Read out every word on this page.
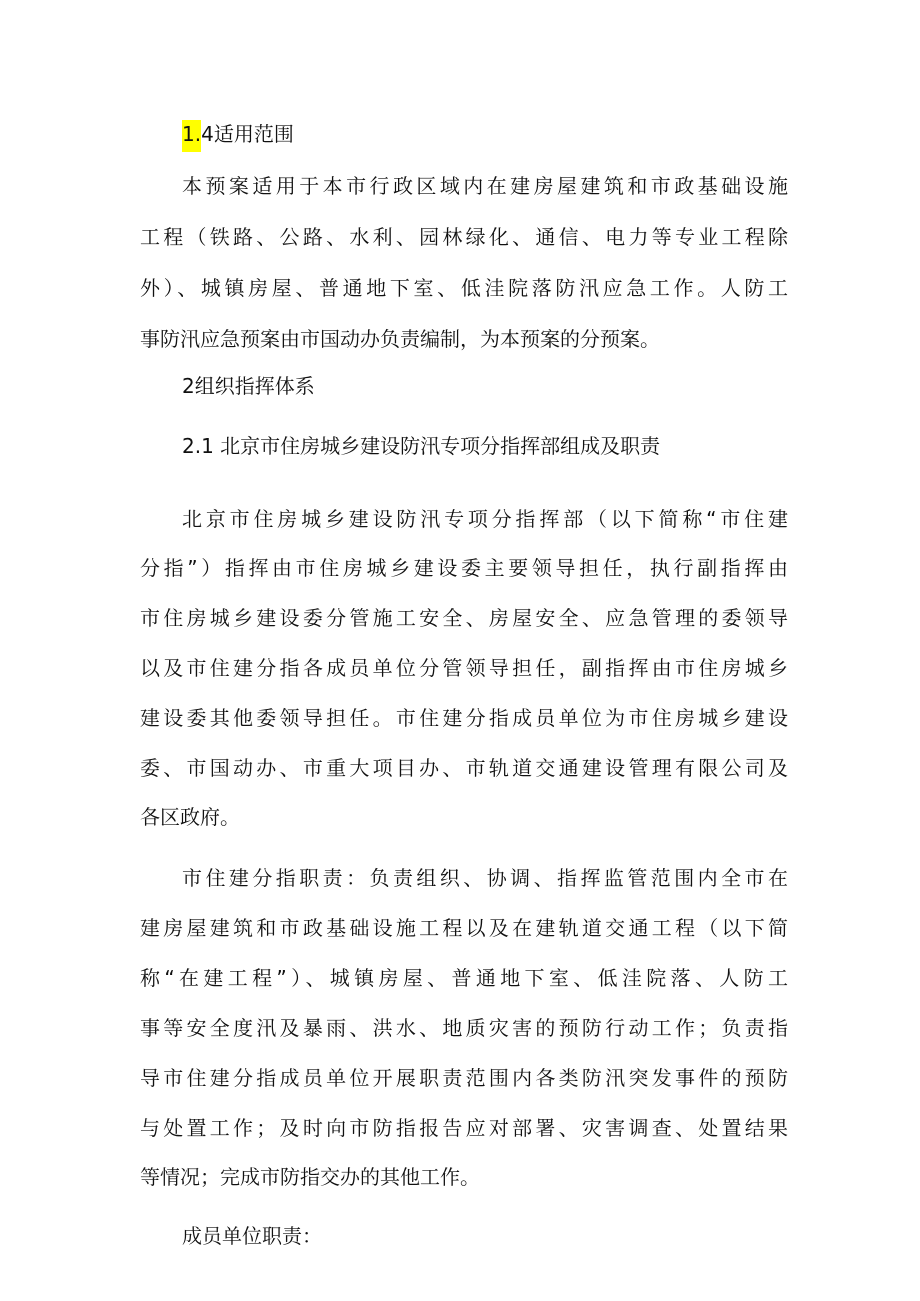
1.4适用范围
本预案适用于本市行政区域内在建房屋建筑和市政基础设施
工程（铁路、公路、水利、园林绿化、通信、电力等专业工程除
外）、城镇房屋、普通地下室、低洼院落防汛应急工作。人防工
事防汛应急预案由市国动办负责编制，为本预案的分预案。
2组织指挥体系
2.1 北京市住房城乡建设防汛专项分指挥部组成及职责
北京市住房城乡建设防汛专项分指挥部（以下简称“市住建
分指”）指挥由市住房城乡建设委主要领导担任，执行副指挥由
市住房城乡建设委分管施工安全、房屋安全、应急管理的委领导
以及市住建分指各成员单位分管领导担任，副指挥由市住房城乡
建设委其他委领导担任。市住建分指成员单位为市住房城乡建设
委、市国动办、市重大项目办、市轨道交通建设管理有限公司及
各区政府。
市住建分指职责：负责组织、协调、指挥监管范围内全市在
建房屋建筑和市政基础设施工程以及在建轨道交通工程（以下简
称“在建工程”）、城镇房屋、普通地下室、低洼院落、人防工
事等安全度汛及暴雨、洪水、地质灾害的预防行动工作；负责指
导市住建分指成员单位开展职责范围内各类防汛突发事件的预防
与处置工作；及时向市防指报告应对部署、灾害调查、处置结果
等情况；完成市防指交办的其他工作。
成员单位职责：
